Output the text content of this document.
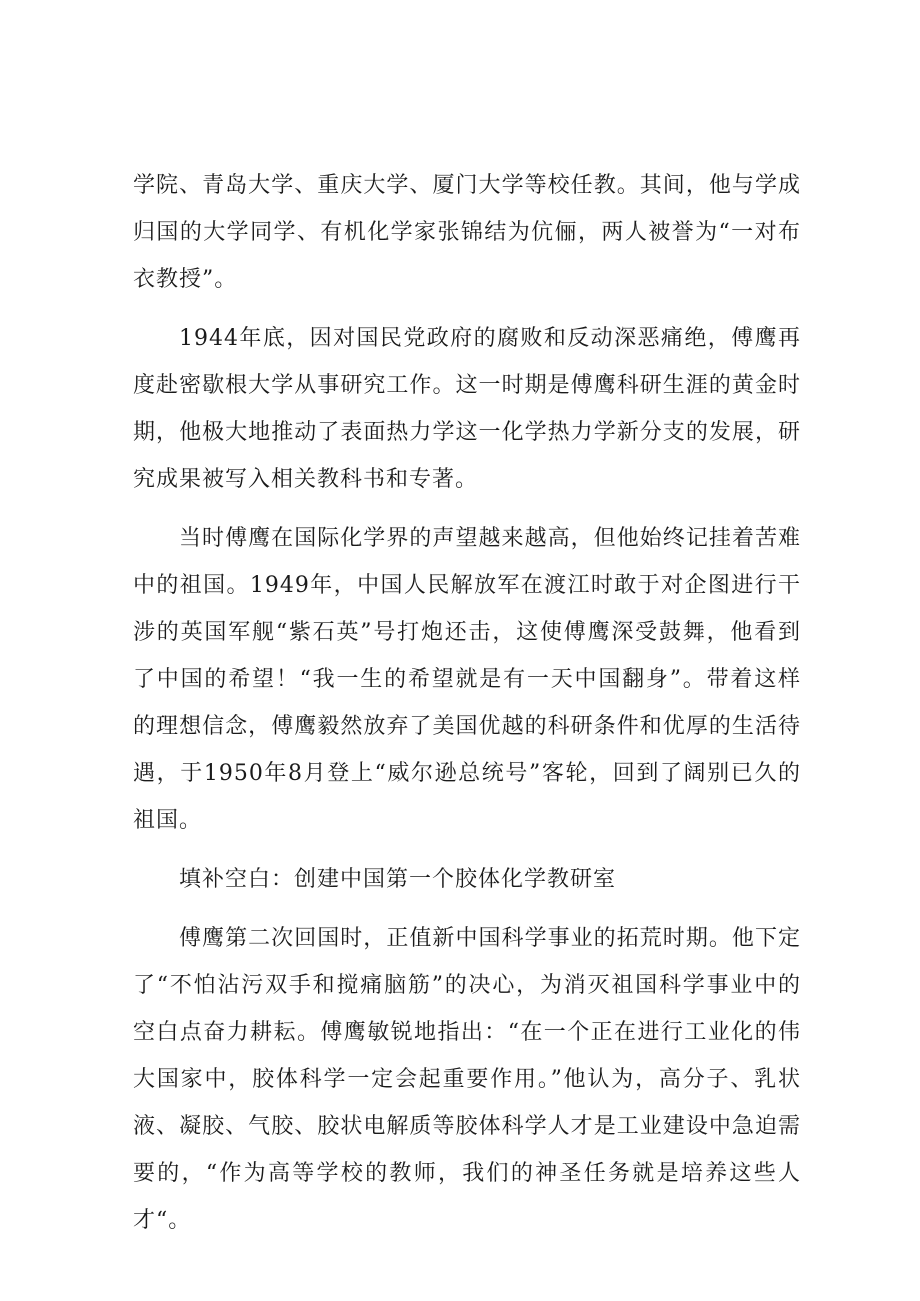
学院、青岛大学、重庆大学、厦门大学等校任教。其间，他与学成归国的大学同学、有机化学家张锦结为伉俪，两人被誉为“一对布衣教授”。

1944年底，因对国民党政府的腐败和反动深恶痛绝，傅鹰再度赴密歇根大学从事研究工作。这一时期是傅鹰科研生涯的黄金时期，他极大地推动了表面热力学这一化学热力学新分支的发展，研究成果被写入相关教科书和专著。

当时傅鹰在国际化学界的声望越来越高，但他始终记挂着苦难中的祖国。1949年，中国人民解放军在渡江时敢于对企图进行干涉的英国军舰“紫石英”号打炮还击，这使傅鹰深受鼓舞，他看到了中国的希望！“我一生的希望就是有一天中国翻身”。带着这样的理想信念，傅鹰毅然放弃了美国优越的科研条件和优厚的生活待遇，于1950年8月登上“威尔逊总统号”客轮，回到了阔别已久的祖国。

填补空白：创建中国第一个胶体化学教研室

傅鹰第二次回国时，正值新中国科学事业的拓荒时期。他下定了“不怕沾污双手和搅痛脑筋”的决心，为消灭祖国科学事业中的空白点奋力耕耘。傅鹰敏锐地指出：“在一个正在进行工业化的伟大国家中，胶体科学一定会起重要作用。”他认为，高分子、乳状液、凝胶、气胶、胶状电解质等胶体科学人才是工业建设中急迫需要的，“作为高等学校的教师，我们的神圣任务就是培养这些人才“。
